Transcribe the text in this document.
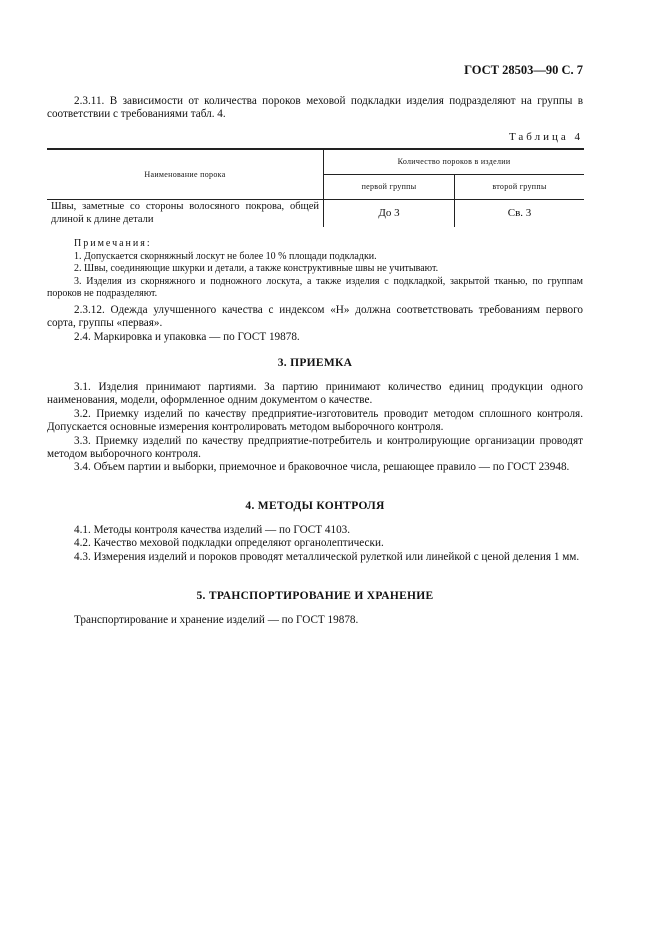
ГОСТ 28503—90 С. 7
2.3.11. В зависимости от количества пороков меховой подкладки изделия подразделяют на группы в соответствии с требованиями табл. 4.
Таблица 4
Наименование порока	Количество пороков в изделии	
	первой группы	второй группы
Швы, заметные со стороны волосяного покрова, общей длиной к длине детали	До 3	Св. 3
Примечания:
1. Допускается скорняжный лоскут не более 10 % площади подкладки.
2. Швы, соединяющие шкурки и детали, а также конструктивные швы не учитывают.
3. Изделия из скорняжного и подножного лоскута, а также изделия с подкладкой, закрытой тканью, по группам пороков не подразделяют.
2.3.12. Одежда улучшенного качества с индексом «Н» должна соответствовать требованиям первого сорта, группы «первая».
2.4. Маркировка и упаковка — по ГОСТ 19878.
3. ПРИЕМКА
3.1. Изделия принимают партиями. За партию принимают количество единиц продукции одного наименования, модели, оформленное одним документом о качестве.
3.2. Приемку изделий по качеству предприятие-изготовитель проводит методом сплошного контроля. Допускается основные измерения контролировать методом выборочного контроля.
3.3. Приемку изделий по качеству предприятие-потребитель и контролирующие организации проводят методом выборочного контроля.
3.4. Объем партии и выборки, приемочное и браковочное числа, решающее правило — по ГОСТ 23948.
4. МЕТОДЫ КОНТРОЛЯ
4.1. Методы контроля качества изделий — по ГОСТ 4103.
4.2. Качество меховой подкладки определяют органолептически.
4.3. Измерения изделий и пороков проводят металлической рулеткой или линейкой с ценой деления 1 мм.
5. ТРАНСПОРТИРОВАНИЕ И ХРАНЕНИЕ
Транспортирование и хранение изделий — по ГОСТ 19878.
